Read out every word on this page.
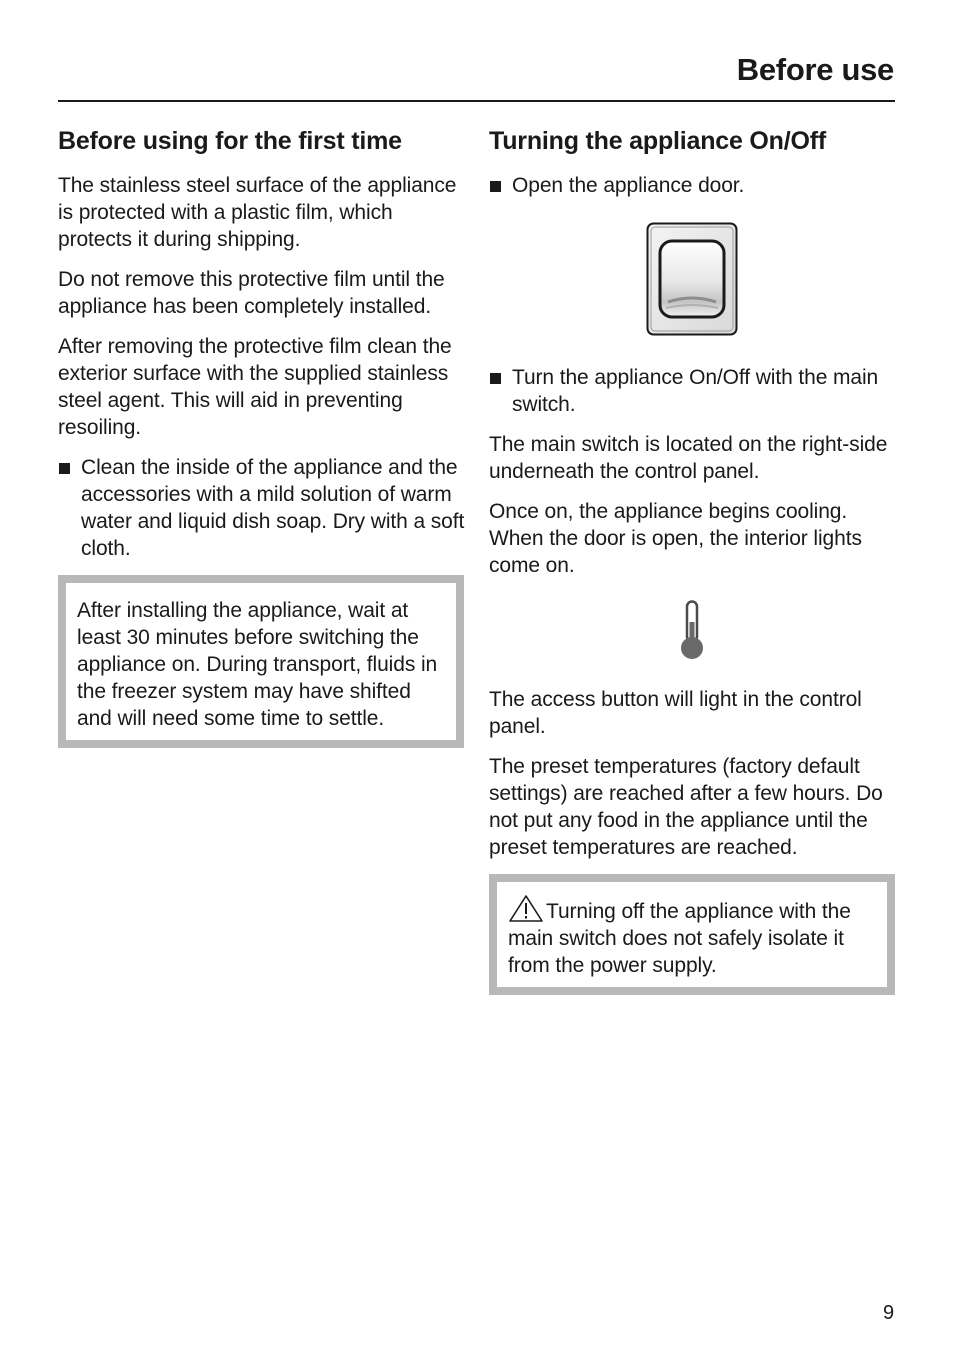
Before use
Before using for the first time

The stainless steel surface of the appliance is protected with a plastic film, which protects it during shipping.

Do not remove this protective film until the appliance has been completely installed.

After removing the protective film clean the exterior surface with the supplied stainless steel agent. This will aid in preventing resoiling.

Clean the inside of the appliance and the accessories with a mild solution of warm water and liquid dish soap. Dry with a soft cloth.
After installing the appliance, wait at least 30 minutes before switching the appliance on. During transport, fluids in the freezer system may have shifted and will need some time to settle.
Turning the appliance On/Off
Open the appliance door.
Turn the appliance On/Off with the main switch.

The main switch is located on the right-side underneath the control panel.

Once on, the appliance begins cooling. When the door is open, the interior lights come on.

The access button will light in the control panel.

The preset temperatures (factory default settings) are reached after a few hours. Do not put any food in the appliance until the preset temperatures are reached.

Turning off the appliance with the main switch does not safely isolate it from the power supply.
9
